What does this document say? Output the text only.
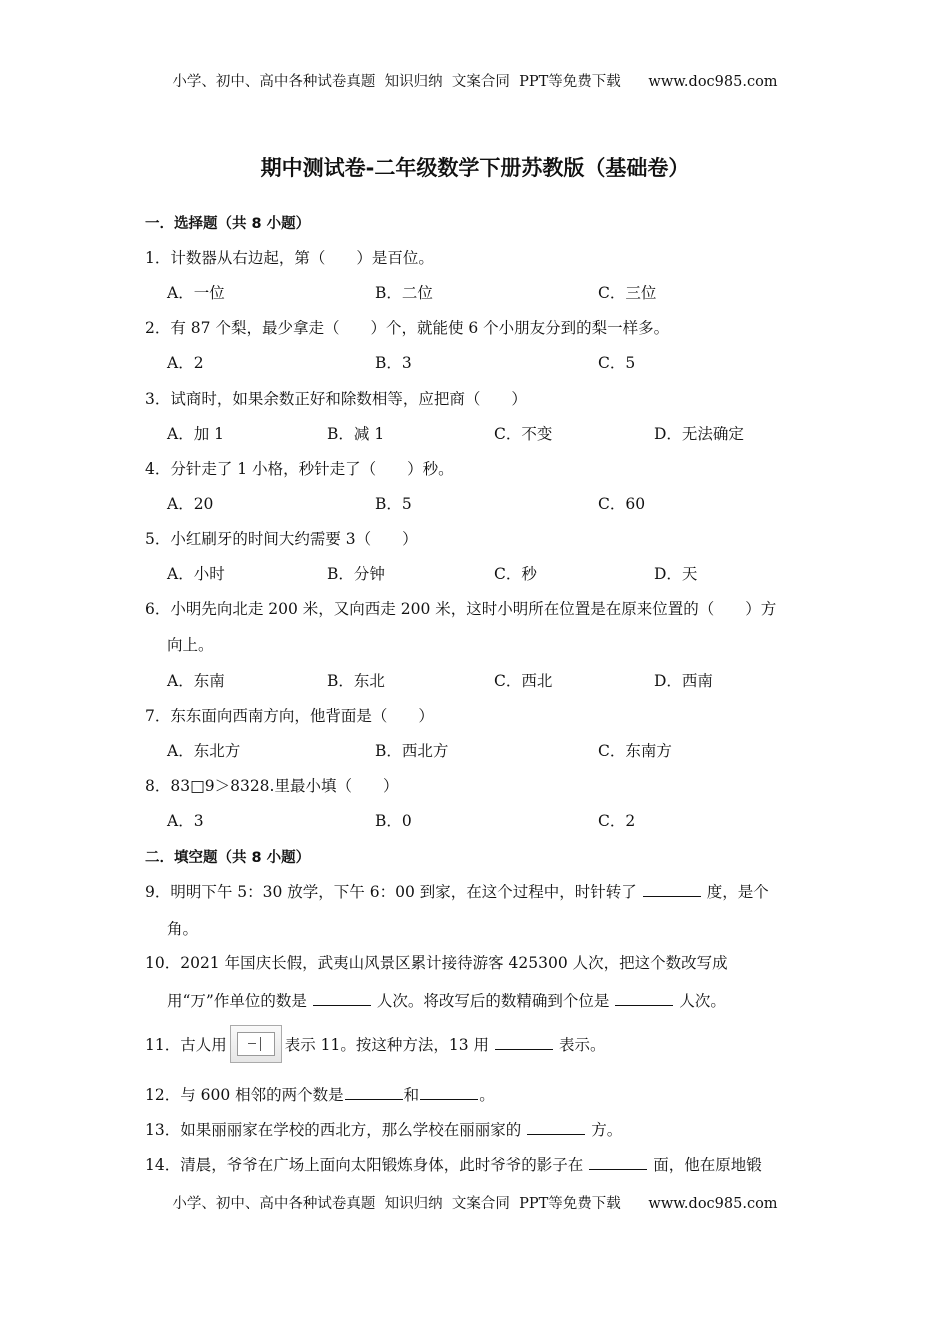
小学、初中、高中各种试卷真题  知识归纳  文案合同  PPT等免费下载      www.doc985.com
期中测试卷-二年级数学下册苏教版（基础卷）
一．选择题（共 8 小题）
1．计数器从右边起，第（　　）是百位。
A．一位	B．二位	C．三位
2．有 87 个梨，最少拿走（　　）个，就能使 6 个小朋友分到的梨一样多。
A．2	B．3	C．5
3．试商时，如果余数正好和除数相等，应把商（　　）
A．加 1	B．减 1	C．不变	D．无法确定
4．分针走了 1 小格，秒针走了（　　）秒。
A．20	B．5	C．60
5．小红刷牙的时间大约需要 3（　　）
A．小时	B．分钟	C．秒	D．天
6．小明先向北走 200 米，又向西走 200 米，这时小明所在位置是在原来位置的（　　）方
向上。
A．东南	B．东北	C．西北	D．西南
7．东东面向西南方向，他背面是（　　）
A．东北方	B．西北方	C．东南方
8．83□9＞8328.里最小填（　　）
A．3	B．0	C．2
二．填空题（共 8 小题）
9．明明下午 5：30 放学，下午 6：00 到家，在这个过程中，时针转了	度，是个
角。
10．2021 年国庆长假，武夷山风景区累计接待游客 425300 人次，把这个数改写成
用“万”作单位的数是	人次。将改写后的数精确到个位是	人次。
11．古人用	表示 11。按这种方法，13 用	表示。
12．与 600 相邻的两个数是	和	。
13．如果丽丽家在学校的西北方，那么学校在丽丽家的	方。
14．清晨，爷爷在广场上面向太阳锻炼身体，此时爷爷的影子在	面，他在原地锻
小学、初中、高中各种试卷真题  知识归纳  文案合同  PPT等免费下载      www.doc985.com
